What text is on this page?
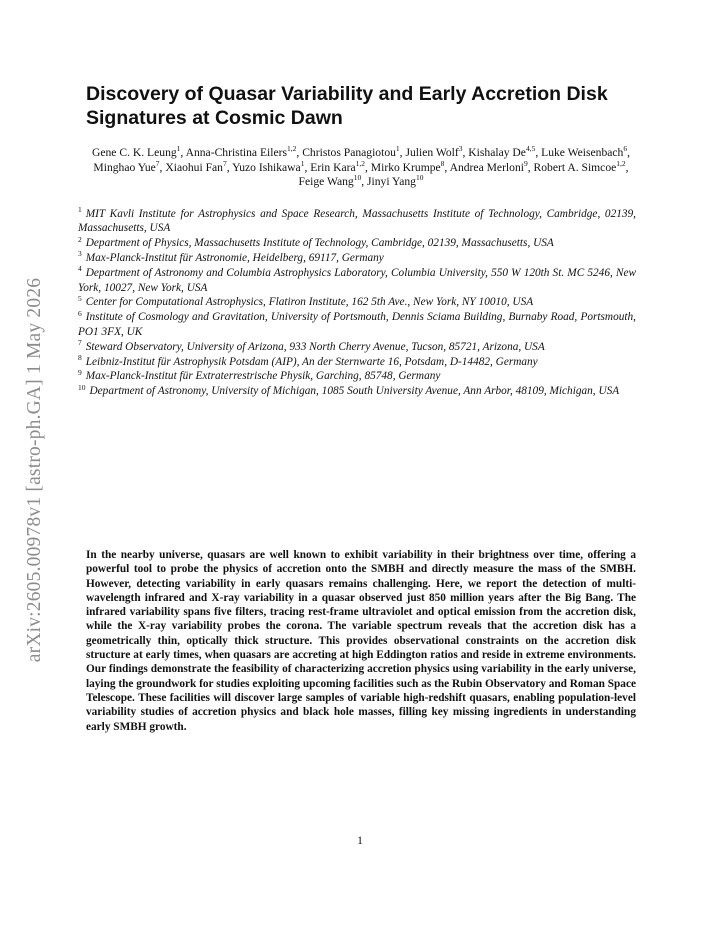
arXiv:2605.00978v1 [astro-ph.GA] 1 May 2026
Discovery of Quasar Variability and Early Accretion Disk Signatures at Cosmic Dawn

Gene C. K. Leung$^1$, Anna-Christina Eilers$^{1,2}$, Christos Panagiotou$^1$, Julien Wolf$^3$, Kishalay De$^{4,5}$, Luke Weisenbach$^6$, Minghao Yue$^7$, Xiaohui Fan$^7$, Yuzo Ishikawa$^1$, Erin Kara$^{1,2}$, Mirko Krumpe$^8$, Andrea Merloni$^9$, Robert A. Simcoe$^{1,2}$, Feige Wang$^{10}$, Jinyi Yang$^{10}$

$^1$ MIT Kavli Institute for Astrophysics and Space Research, Massachusetts Institute of Technology, Cambridge, 02139, Massachusetts, USA
$^2$ Department of Physics, Massachusetts Institute of Technology, Cambridge, 02139, Massachusetts, USA
$^3$ Max-Planck-Institut für Astronomie, Heidelberg, 69117, Germany
$^4$ Department of Astronomy and Columbia Astrophysics Laboratory, Columbia University, 550 W 120th St. MC 5246, New York, 10027, New York, USA
$^5$ Center for Computational Astrophysics, Flatiron Institute, 162 5th Ave., New York, NY 10010, USA
$^6$ Institute of Cosmology and Gravitation, University of Portsmouth, Dennis Sciama Building, Burnaby Road, Portsmouth, PO1 3FX, UK
$^7$ Steward Observatory, University of Arizona, 933 North Cherry Avenue, Tucson, 85721, Arizona, USA
$^8$ Leibniz-Institut für Astrophysik Potsdam (AIP), An der Sternwarte 16, Potsdam, D-14482, Germany
$^9$ Max-Planck-Institut für Extraterrestrische Physik, Garching, 85748, Germany
$^{10}$ Department of Astronomy, University of Michigan, 1085 South University Avenue, Ann Arbor, 48109, Michigan, USA

In the nearby universe, quasars are well known to exhibit variability in their brightness over time, offering a powerful tool to probe the physics of accretion onto the SMBH and directly measure the mass of the SMBH. However, detecting variability in early quasars remains challenging. Here, we report the detection of multi-wavelength infrared and X-ray variability in a quasar observed just 850 million years after the Big Bang. The infrared variability spans five filters, tracing rest-frame ultraviolet and optical emission from the accretion disk, while the X-ray variability probes the corona. The variable spectrum reveals that the accretion disk has a geometrically thin, optically thick structure. This provides observational constraints on the accretion disk structure at early times, when quasars are accreting at high Eddington ratios and reside in extreme environments. Our findings demonstrate the feasibility of characterizing accretion physics using variability in the early universe, laying the groundwork for studies exploiting upcoming facilities such as the Rubin Observatory and Roman Space Telescope. These facilities will discover large samples of variable high-redshift quasars, enabling population-level variability studies of accretion physics and black hole masses, filling key missing ingredients in understanding early SMBH growth.

1
